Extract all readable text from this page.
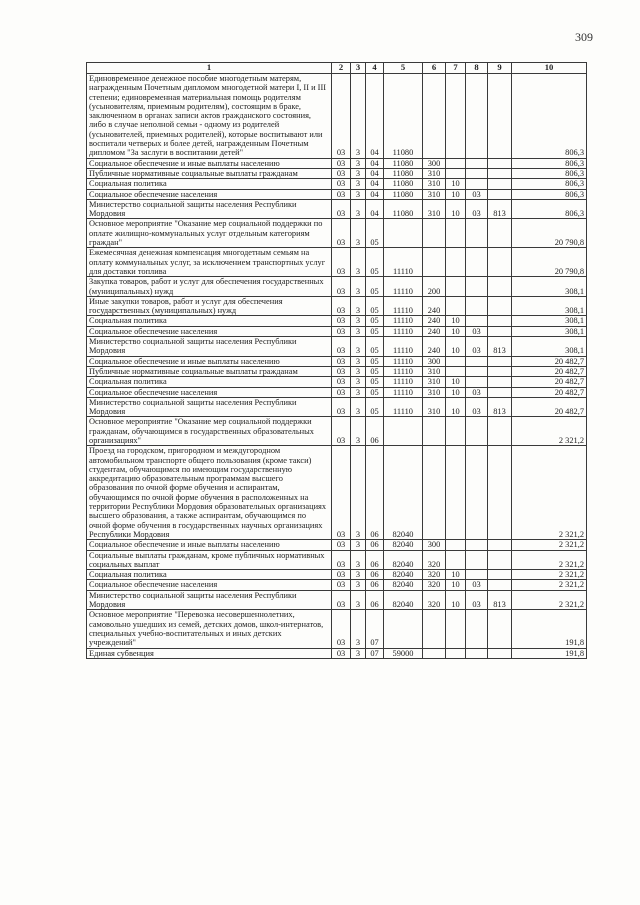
309
1	2	3	4	5	6	7	8	9	10
Единовременное денежное пособие многодетным матерям, награжденным Почетным дипломом многодетной матери I, II и III степени; единовременная материальная помощь родителям (усыновителям, приемным родителям), состоящим в браке, заключенном в органах записи актов гражданского состояния, либо в случае неполной семьи - одному из родителей (усыновителей, приемных родителей), которые воспитывают или воспитали четверых и более детей, награжденным Почетным дипломом "За заслуги в воспитании детей"	03	3	04	11080					806,3
Социальное обеспечение и иные выплаты населению	03	3	04	11080	300				806,3
Публичные нормативные социальные выплаты гражданам	03	3	04	11080	310				806,3
Социальная политика	03	3	04	11080	310	10			806,3
Социальное обеспечение населения	03	3	04	11080	310	10	03		806,3
Министерство социальной защиты населения Республики Мордовия	03	3	04	11080	310	10	03	813	806,3
Основное мероприятие "Оказание мер социальной поддержки по оплате жилищно-коммунальных услуг отдельным категориям граждан"	03	3	05						20 790,8
Ежемесячная денежная компенсация многодетным семьям на оплату коммунальных услуг, за исключением транспортных услуг для доставки топлива	03	3	05	11110					20 790,8
Закупка товаров, работ и услуг для обеспечения государственных (муниципальных) нужд	03	3	05	11110	200				308,1
Иные закупки товаров, работ и услуг для обеспечения государственных (муниципальных) нужд	03	3	05	11110	240				308,1
Социальная политика	03	3	05	11110	240	10			308,1
Социальное обеспечение населения	03	3	05	11110	240	10	03		308,1
Министерство социальной защиты населения Республики Мордовия	03	3	05	11110	240	10	03	813	308,1
Социальное обеспечение и иные выплаты населению	03	3	05	11110	300				20 482,7
Публичные нормативные социальные выплаты гражданам	03	3	05	11110	310				20 482,7
Социальная политика	03	3	05	11110	310	10			20 482,7
Социальное обеспечение населения	03	3	05	11110	310	10	03		20 482,7
Министерство социальной защиты населения Республики Мордовия	03	3	05	11110	310	10	03	813	20 482,7
Основное мероприятие "Оказание мер социальной поддержки гражданам, обучающимся в государственных образовательных организациях"	03	3	06						2 321,2
Проезд на городском, пригородном и междугородном автомобильном транспорте общего пользования (кроме такси) студентам, обучающимся по имеющим государственную аккредитацию образовательным программам высшего образования по очной форме обучения и аспирантам, обучающимся по очной форме обучения в расположенных на территории Республики Мордовия образовательных организациях высшего образования, а также аспирантам, обучающимся по очной форме обучения в государственных научных организациях Республики Мордовия	03	3	06	82040					2 321,2
Социальное обеспечение и иные выплаты населению	03	3	06	82040	300				2 321,2
Социальные выплаты гражданам, кроме публичных нормативных социальных выплат	03	3	06	82040	320				2 321,2
Социальная политика	03	3	06	82040	320	10			2 321,2
Социальное обеспечение населения	03	3	06	82040	320	10	03		2 321,2
Министерство социальной защиты населения Республики Мордовия	03	3	06	82040	320	10	03	813	2 321,2
Основное мероприятие "Перевозка несовершеннолетних, самовольно ушедших из семей, детских домов, школ-интернатов, специальных учебно-воспитательных и иных детских учреждений"	03	3	07						191,8
Единая субвенция	03	3	07	59000					191,8
